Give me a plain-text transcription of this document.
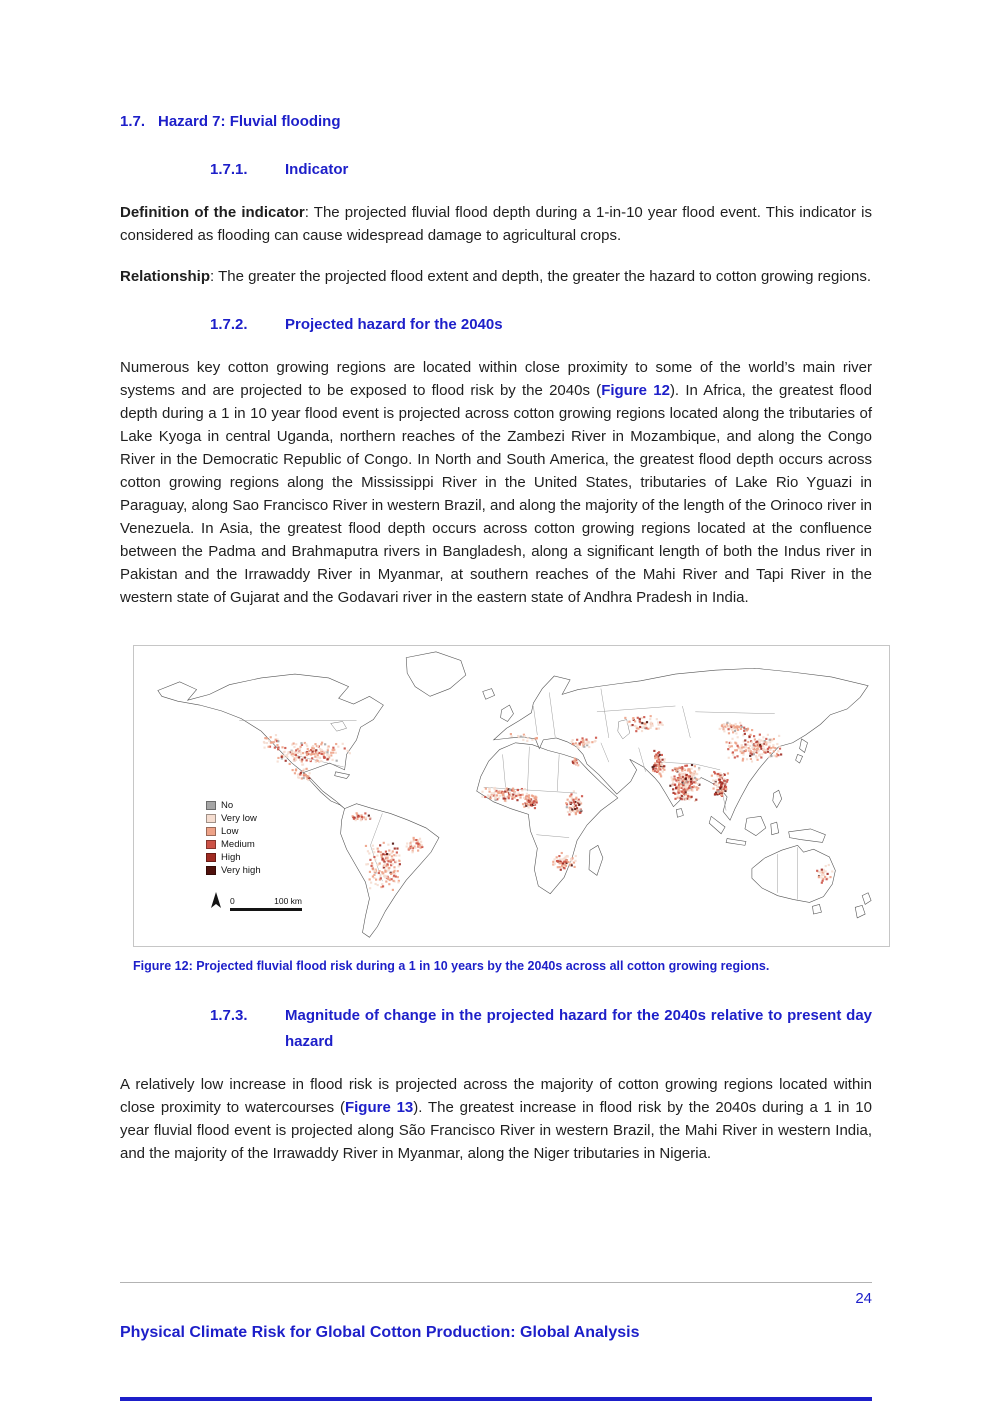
1.7. Hazard 7: Fluvial flooding
1.7.1. Indicator

Definition of the indicator: The projected fluvial flood depth during a 1-in-10 year flood event. This indicator is considered as flooding can cause widespread damage to agricultural crops.

Relationship: The greater the projected flood extent and depth, the greater the hazard to cotton growing regions.

1.7.2. Projected hazard for the 2040s

Numerous key cotton growing regions are located within close proximity to some of the world’s main river systems and are projected to be exposed to flood risk by the 2040s (Figure 12). In Africa, the greatest flood depth during a 1 in 10 year flood event is projected across cotton growing regions located along the tributaries of Lake Kyoga in central Uganda, northern reaches of the Zambezi River in Mozambique, and along the Congo River in the Democratic Republic of Congo. In North and South America, the greatest flood depth occurs across cotton growing regions along the Mississippi River in the United States, tributaries of Lake Rio Yguazi in Paraguay, along Sao Francisco River in western Brazil, and along the majority of the length of the Orinoco river in Venezuela. In Asia, the greatest flood depth occurs across cotton growing regions located at the confluence between the Padma and Brahmaputra rivers in Bangladesh, along a significant length of both the Indus river in Pakistan and the Irrawaddy River in Myanmar, at southern reaches of the Mahi River and Tapi River in the western state of Gujarat and the Godavari river in the eastern state of Andhra Pradesh in India.

No
Very low
Low
Medium
High
Very high
0	100 km
Figure 12: Projected fluvial flood risk during a 1 in 10 years by the 2040s across all cotton growing regions.
1.7.3. Magnitude of change in the projected hazard for the 2040s relative to present day hazard

A relatively low increase in flood risk is projected across the majority of cotton growing regions located within close proximity to watercourses (Figure 13). The greatest increase in flood risk by the 2040s during a 1 in 10 year fluvial flood event is projected along São Francisco River in western Brazil, the Mahi River in western India, and the majority of the Irrawaddy River in Myanmar, along the Niger tributaries in Nigeria.

24
Physical Climate Risk for Global Cotton Production: Global Analysis
